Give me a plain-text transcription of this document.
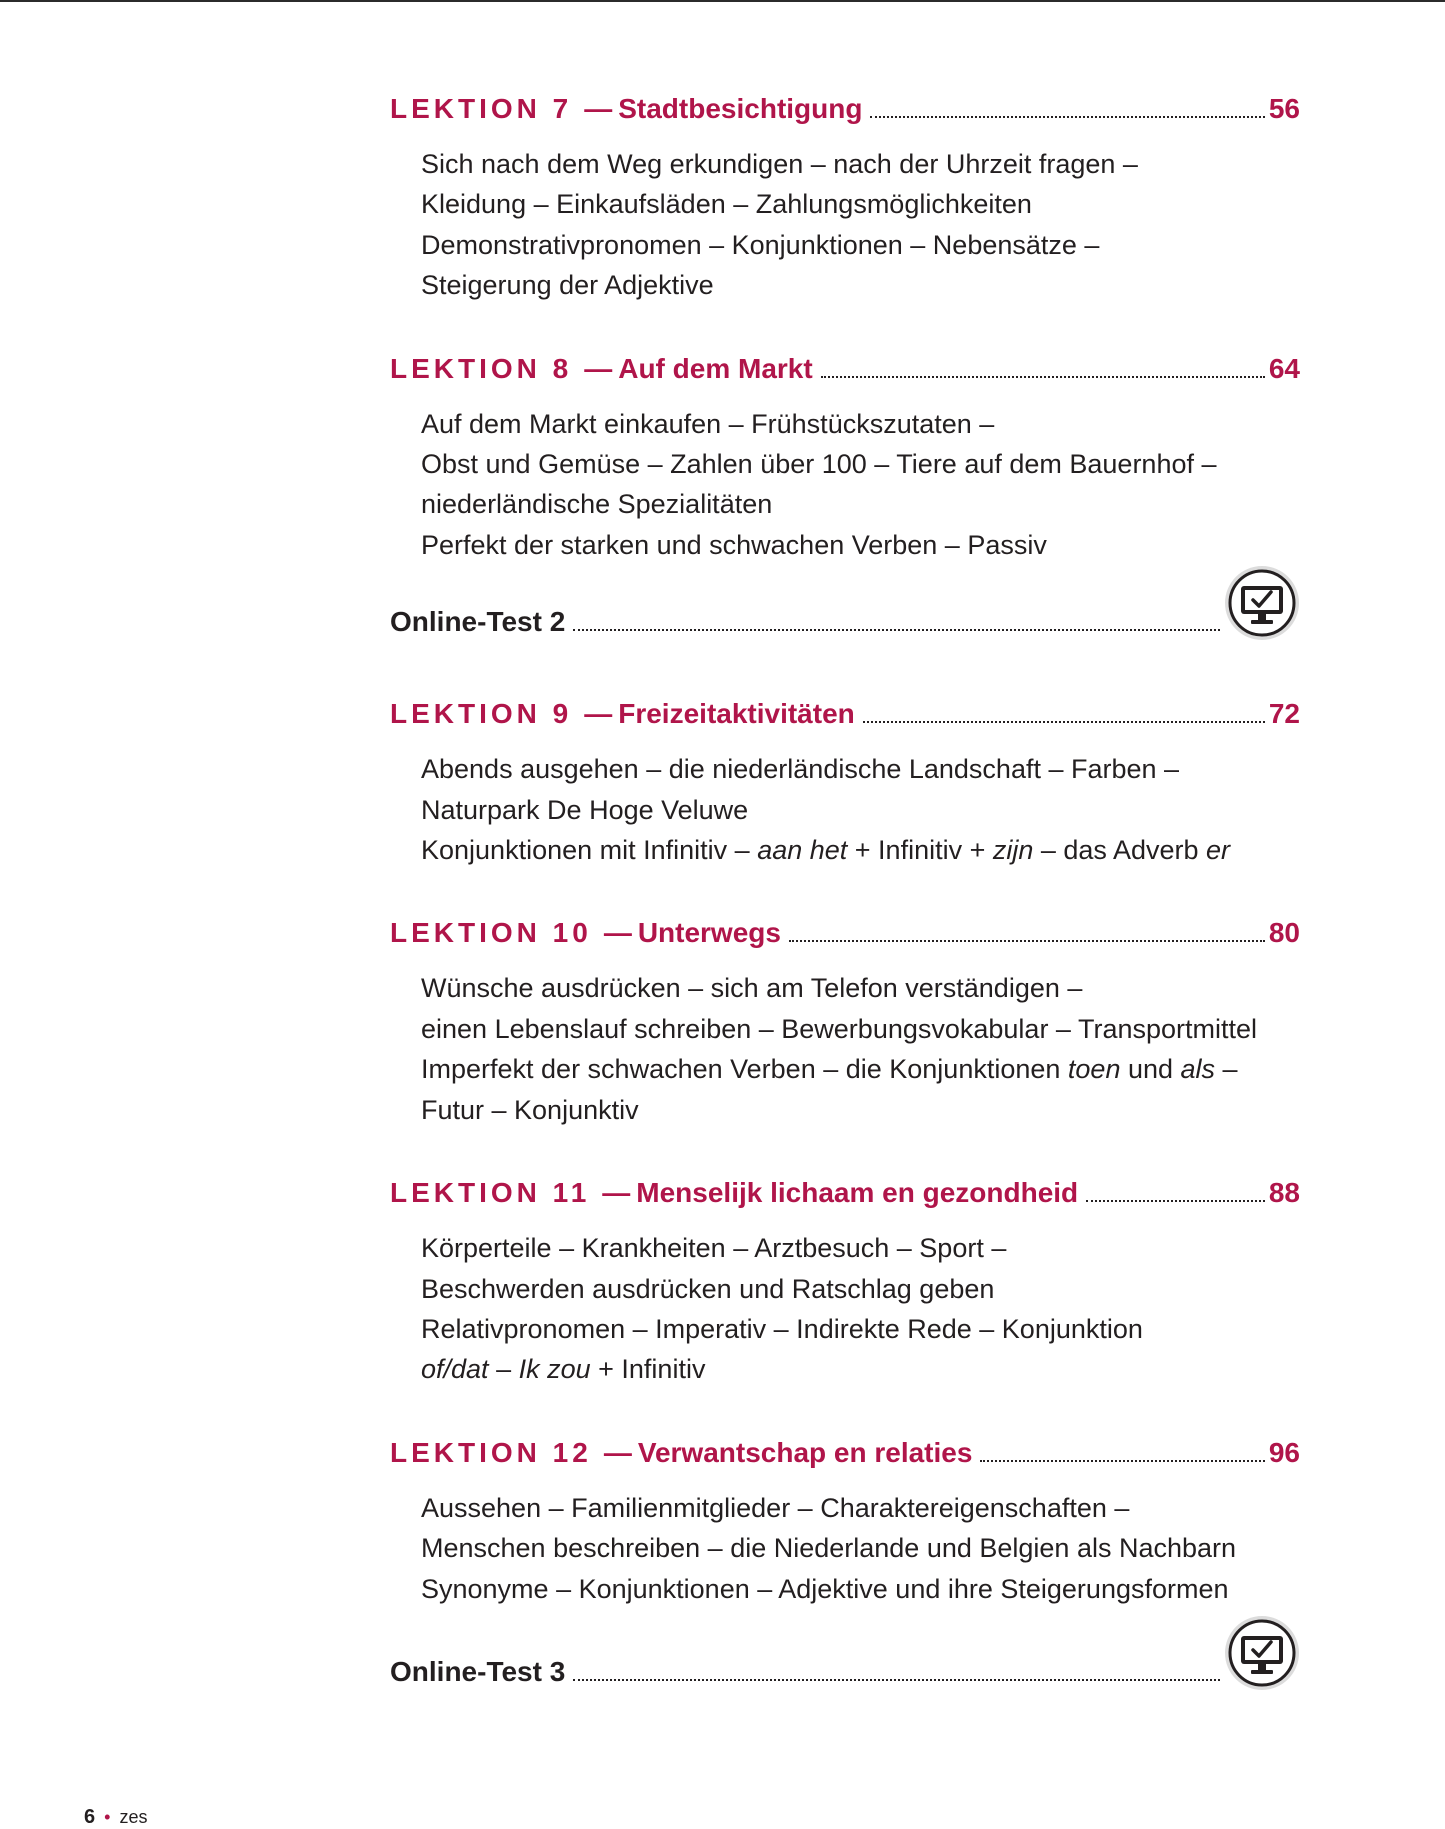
LEKTION 7 — Stadtbesichtigung	56
Sich nach dem Weg erkundigen – nach der Uhrzeit fragen –
Kleidung – Einkaufsläden – Zahlungsmöglichkeiten
Demonstrativpronomen – Konjunktionen – Nebensätze –
Steigerung der Adjektive
LEKTION 8 — Auf dem Markt	64
Auf dem Markt einkaufen – Frühstückszutaten –
Obst und Gemüse – Zahlen über 100 – Tiere auf dem Bauernhof –
niederländische Spezialitäten
Perfekt der starken und schwachen Verben – Passiv
Online-Test 2
LEKTION 9 — Freizeitaktivitäten	72
Abends ausgehen – die niederländische Landschaft – Farben –
Naturpark De Hoge Veluwe
Konjunktionen mit Infinitiv – aan het + Infinitiv + zijn – das Adverb er
LEKTION 10 — Unterwegs	80
Wünsche ausdrücken – sich am Telefon verständigen –
einen Lebenslauf schreiben – Bewerbungsvokabular – Transportmittel
Imperfekt der schwachen Verben – die Konjunktionen toen und als –
Futur – Konjunktiv
LEKTION 11 — Menselijk lichaam en gezondheid	88
Körperteile – Krankheiten – Arztbesuch – Sport –
Beschwerden ausdrücken und Ratschlag geben
Relativpronomen – Imperativ – Indirekte Rede – Konjunktion
of/dat – Ik zou + Infinitiv
LEKTION 12 — Verwantschap en relaties	96
Aussehen – Familienmitglieder – Charaktereigenschaften –
Menschen beschreiben – die Niederlande und Belgien als Nachbarn
Synonyme – Konjunktionen – Adjektive und ihre Steigerungsformen
Online-Test 3
6 • zes
